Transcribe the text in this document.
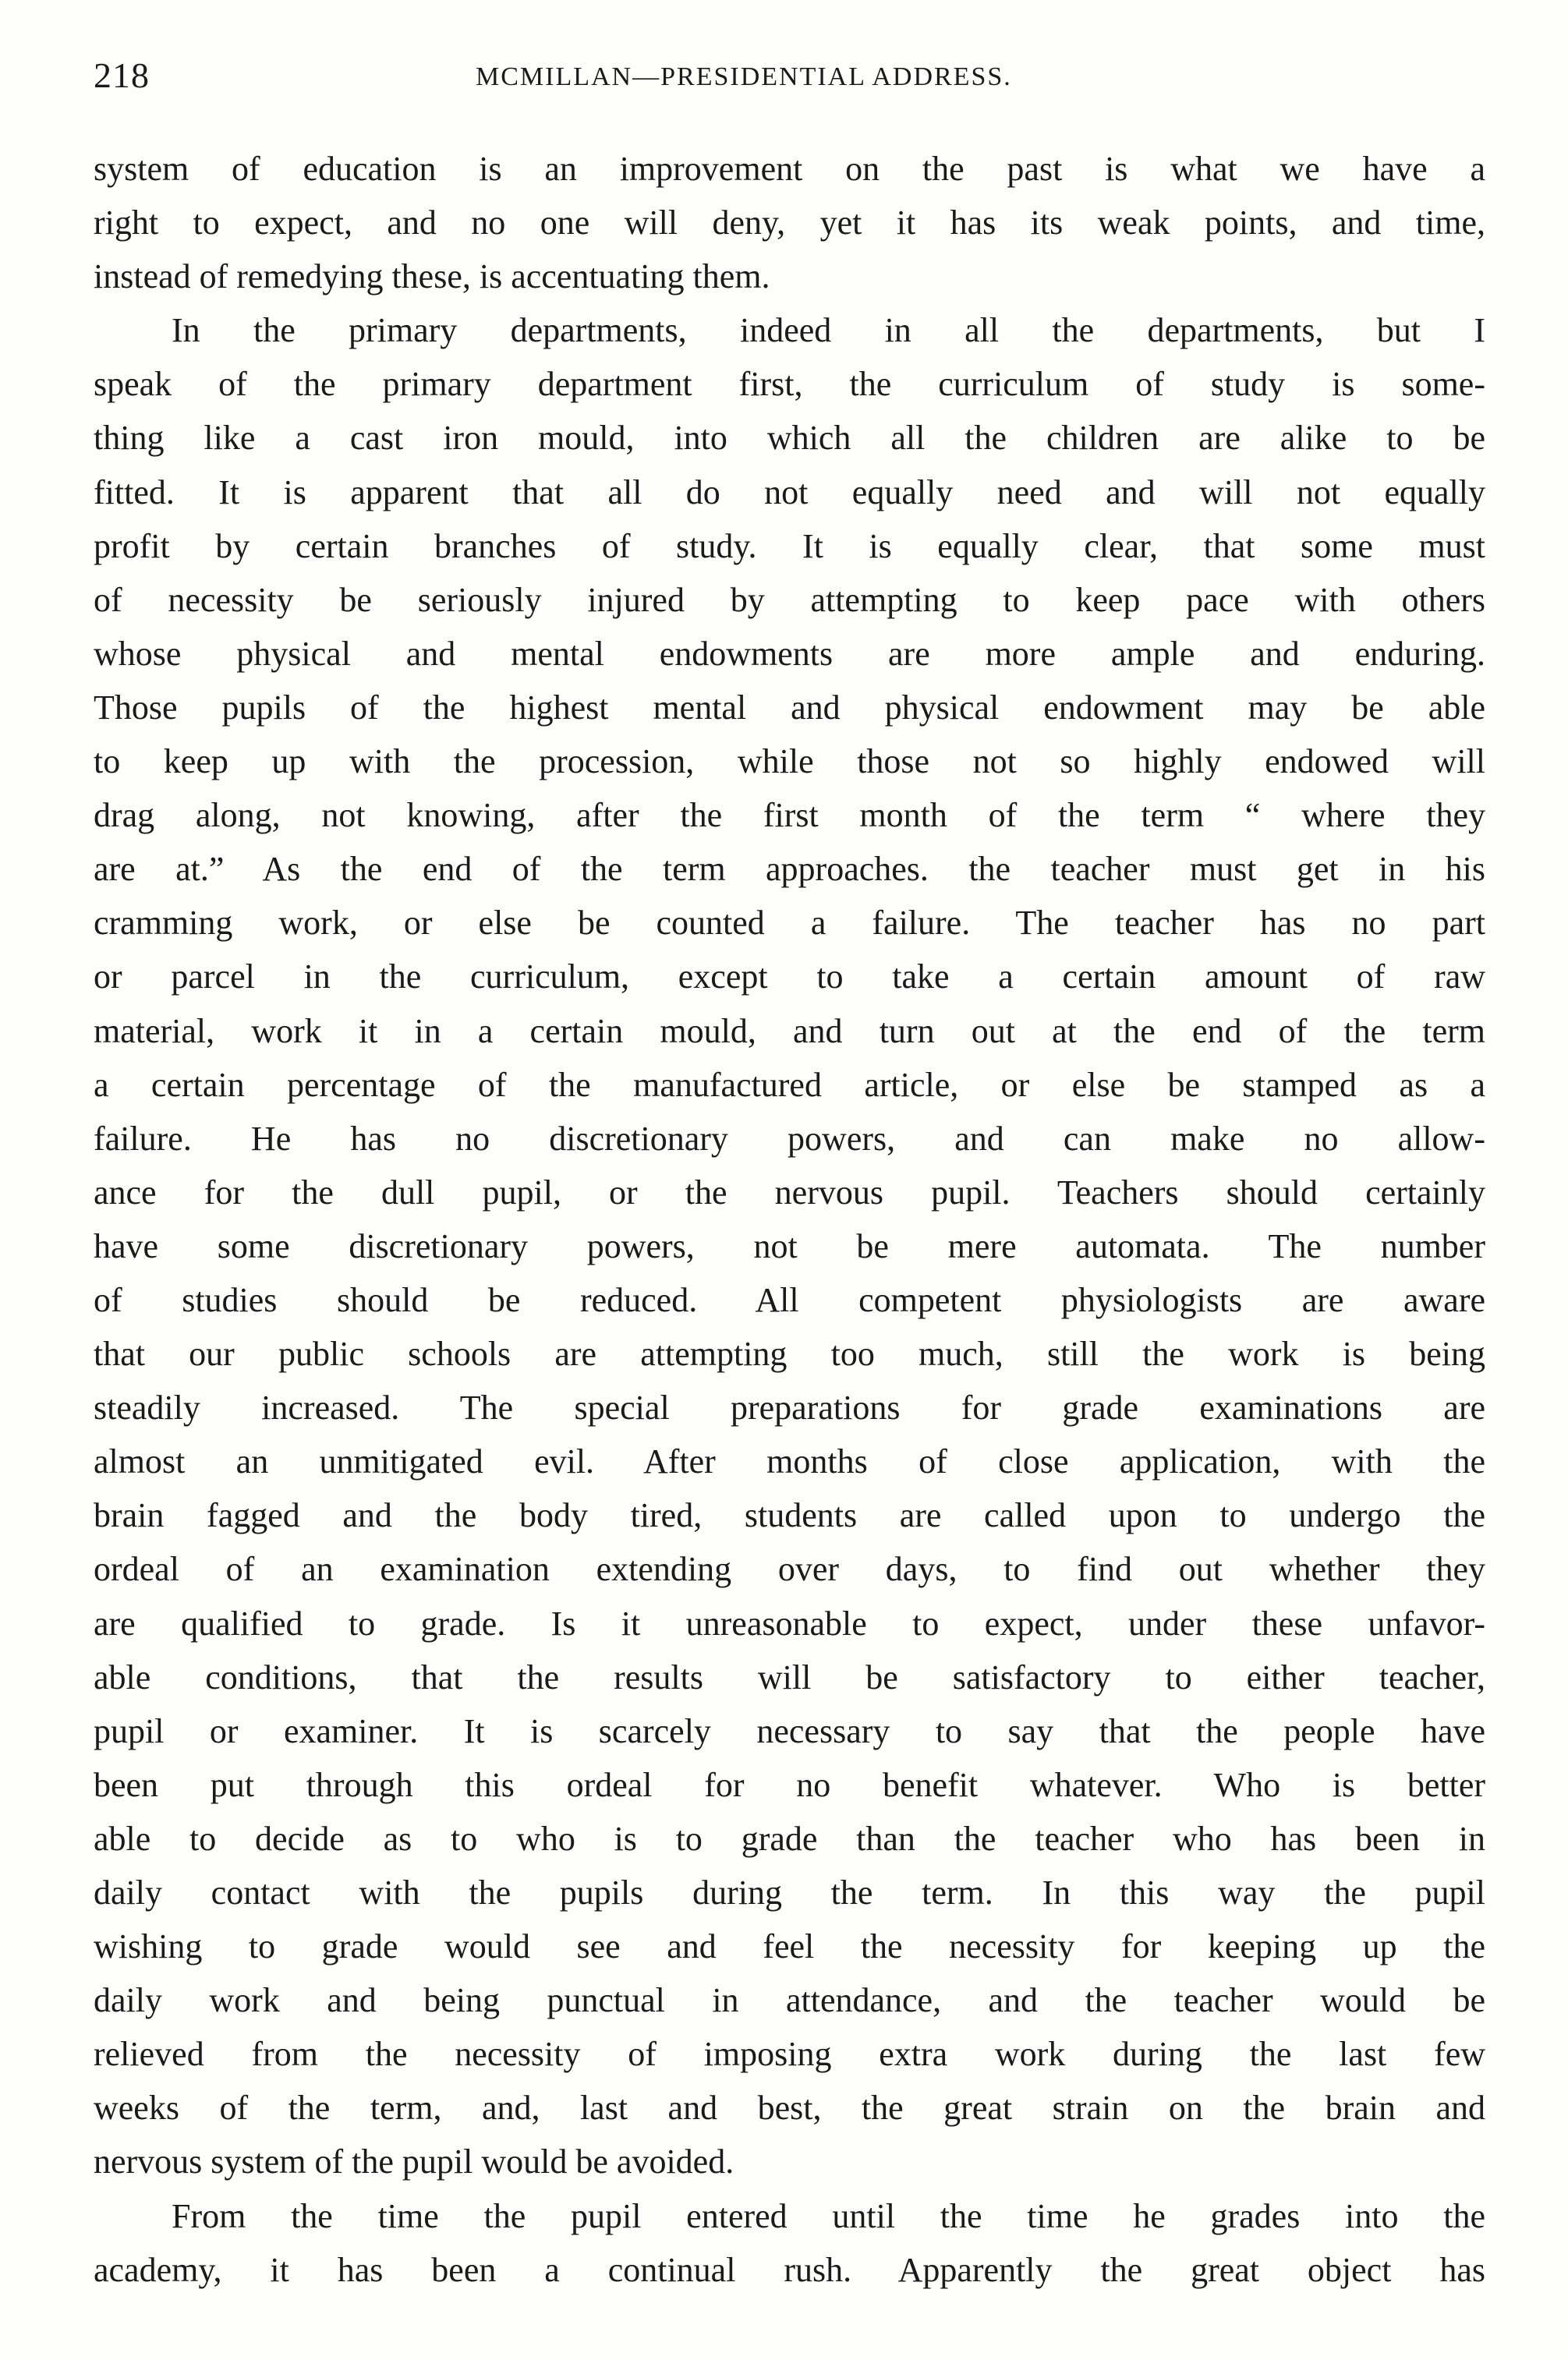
218	MCMILLAN—PRESIDENTIAL ADDRESS.
system of education is an improvement on the past is what we have a
right to expect, and no one will deny, yet it has its weak points, and time,
instead of remedying these, is accentuating them.
In the primary departments, indeed in all the departments, but I
speak of the primary department first, the curriculum of study is some-
thing like a cast iron mould, into which all the children are alike to be
fitted. It is apparent that all do not equally need and will not equally
profit by certain branches of study. It is equally clear, that some must
of necessity be seriously injured by attempting to keep pace with others
whose physical and mental endowments are more ample and enduring.
Those pupils of the highest mental and physical endowment may be able
to keep up with the procession, while those not so highly endowed will
drag along, not knowing, after the first month of the term “ where they
are at.” As the end of the term approaches. the teacher must get in his
cramming work, or else be counted a failure. The teacher has no part
or parcel in the curriculum, except to take a certain amount of raw
material, work it in a certain mould, and turn out at the end of the term
a certain percentage of the manufactured article, or else be stamped as a
failure. He has no discretionary powers, and can make no allow-
ance for the dull pupil, or the nervous pupil. Teachers should certainly
have some discretionary powers, not be mere automata. The number
of studies should be reduced. All competent physiologists are aware
that our public schools are attempting too much, still the work is being
steadily increased. The special preparations for grade examinations are
almost an unmitigated evil. After months of close application, with the
brain fagged and the body tired, students are called upon to undergo the
ordeal of an examination extending over days, to find out whether they
are qualified to grade. Is it unreasonable to expect, under these unfavor-
able conditions, that the results will be satisfactory to either teacher,
pupil or examiner. It is scarcely necessary to say that the people have
been put through this ordeal for no benefit whatever. Who is better
able to decide as to who is to grade than the teacher who has been in
daily contact with the pupils during the term. In this way the pupil
wishing to grade would see and feel the necessity for keeping up the
daily work and being punctual in attendance, and the teacher would be
relieved from the necessity of imposing extra work during the last few
weeks of the term, and, last and best, the great strain on the brain and
nervous system of the pupil would be avoided.
From the time the pupil entered until the time he grades into the
academy, it has been a continual rush. Apparently the great object has
